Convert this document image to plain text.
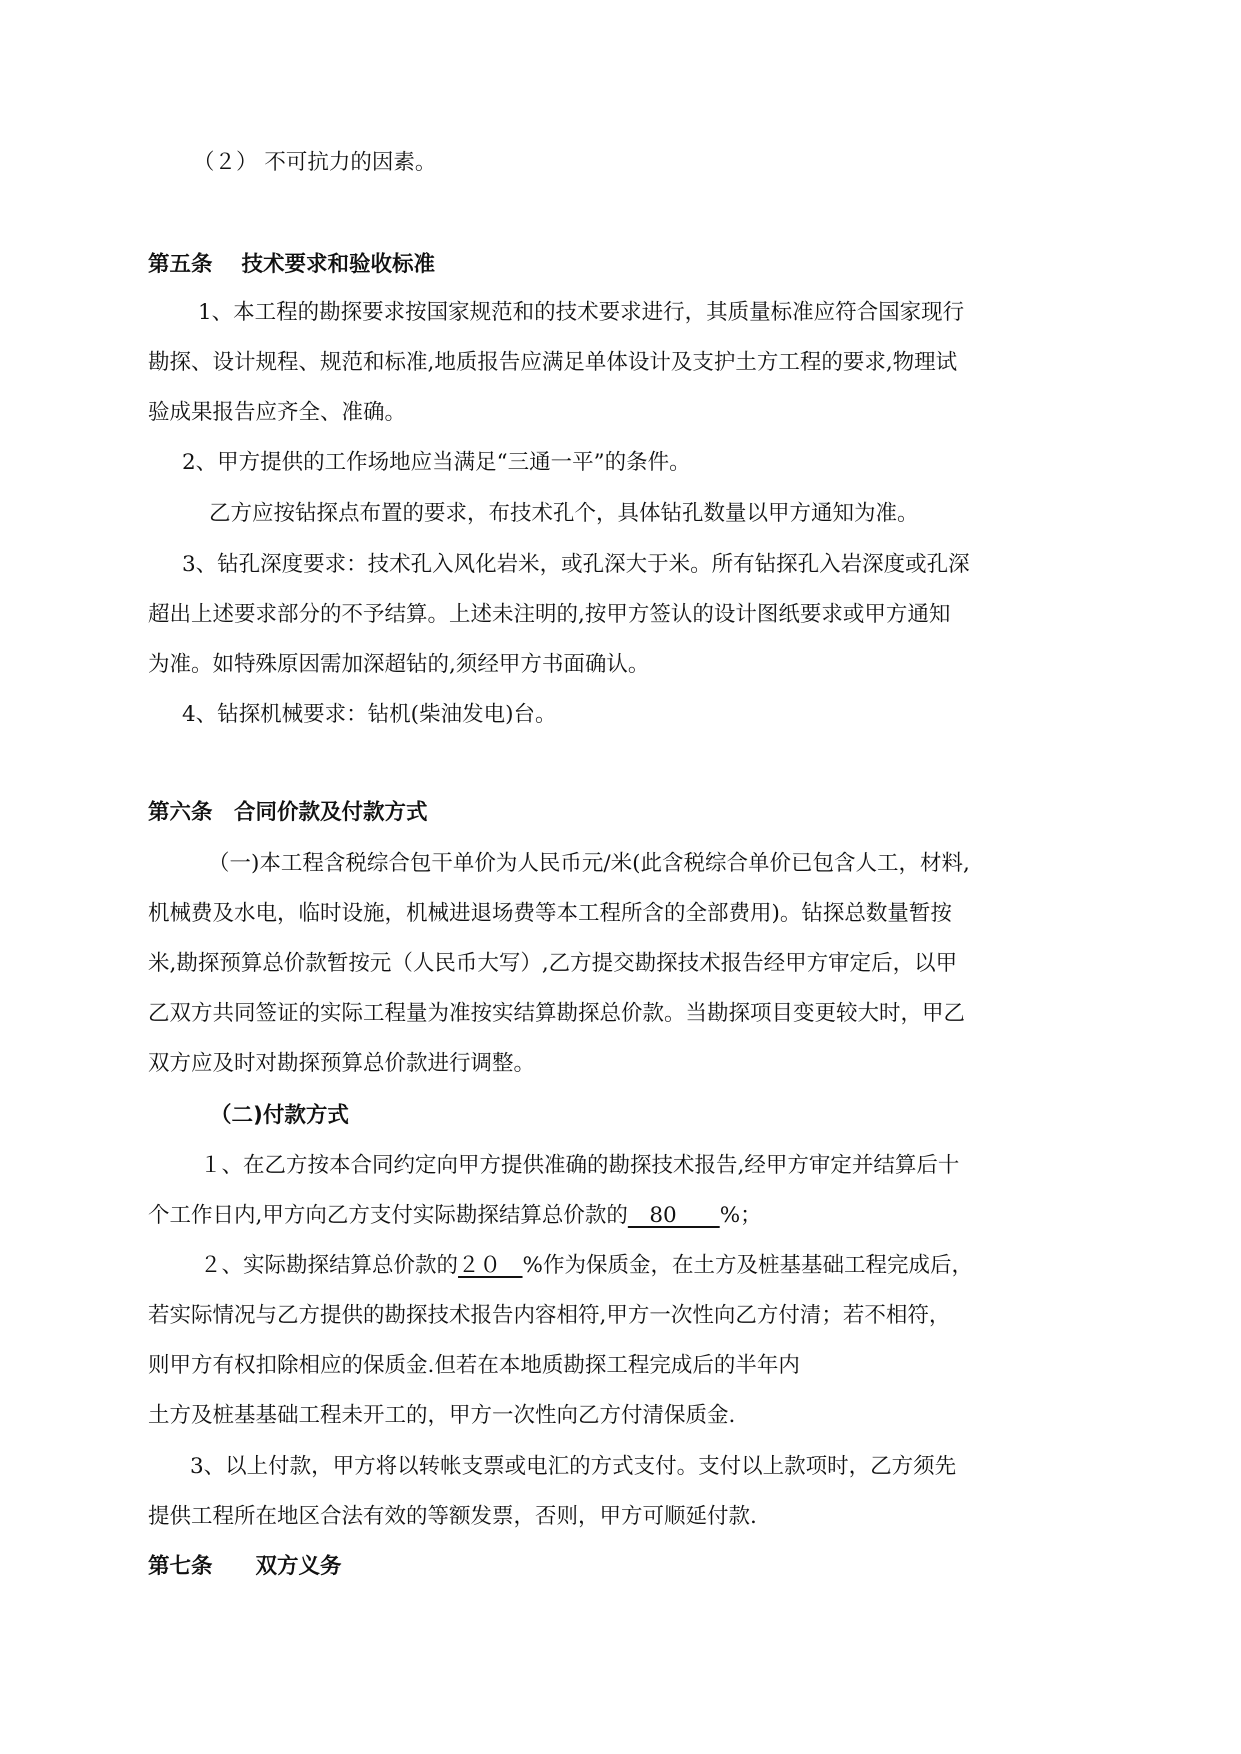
（２） 不可抗力的因素。
第五条　 技术要求和验收标准
1、本工程的勘探要求按国家规范和的技术要求进行，其质量标准应符合国家现行
勘探、设计规程、规范和标准,地质报告应满足单体设计及支护土方工程的要求,物理试
验成果报告应齐全、准确。
2、甲方提供的工作场地应当满足“三通一平”的条件。
乙方应按钻探点布置的要求，布技术孔个，具体钻孔数量以甲方通知为准。
3、钻孔深度要求：技术孔入风化岩米，或孔深大于米。所有钻探孔入岩深度或孔深
超出上述要求部分的不予结算。上述未注明的,按甲方签认的设计图纸要求或甲方通知
为准。如特殊原因需加深超钻的,须经甲方书面确认。
4、钻探机械要求：钻机(柴油发电)台。
第六条　合同价款及付款方式
（一)本工程含税综合包干单价为人民币元/米(此含税综合单价已包含人工，材料,
机械费及水电，临时设施，机械进退场费等本工程所含的全部费用)。钻探总数量暂按
米,勘探预算总价款暂按元（人民币大写）,乙方提交勘探技术报告经甲方审定后，以甲
乙双方共同签证的实际工程量为准按实结算勘探总价款。当勘探项目变更较大时，甲乙
双方应及时对勘探预算总价款进行调整。
（二)付款方式
１、在乙方按本合同约定向甲方提供准确的勘探技术报告,经甲方审定并结算后十
个工作日内,甲方向乙方支付实际勘探结算总价款的　80　　%；
２、实际勘探结算总价款的２０　%作为保质金，在土方及桩基基础工程完成后，
若实际情况与乙方提供的勘探技术报告内容相符,甲方一次性向乙方付清；若不相符，
则甲方有权扣除相应的保质金.但若在本地质勘探工程完成后的半年内
土方及桩基基础工程未开工的，甲方一次性向乙方付清保质金.
3、以上付款，甲方将以转帐支票或电汇的方式支付。支付以上款项时，乙方须先
提供工程所在地区合法有效的等额发票，否则，甲方可顺延付款.
第七条　　双方义务
